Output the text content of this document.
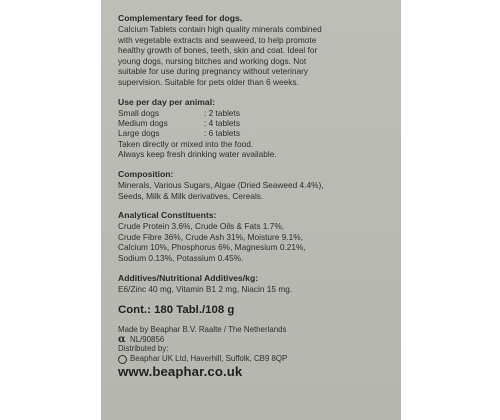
Complementary feed for dogs.

Calcium Tablets contain high quality minerals combined

with vegetable extracts and seaweed, to help promote

healthy growth of bones, teeth, skin and coat. Ideal for

young dogs, nursing bitches and working dogs. Not

suitable for use during pregnancy without veterinary

supervision. Suitable for pets older than 6 weeks.

Use per day per animal:

Small dogs	: 2 tablets
Medium dogs	: 4 tablets
Large dogs	: 6 tablets

Taken directly or mixed into the food.

Always keep fresh drinking water available.

Composition:

Minerals, Various Sugars, Algae (Dried Seaweed 4.4%),

Seeds, Milk & Milk derivatives, Cereals.

Analytical Constituents:

Crude Protein 3.6%, Crude Oils & Fats 1.7%,

Crude Fibre 36%, Crude Ash 31%, Moisture 9.1%,

Calcium 10%, Phosphorus 6%, Magnesium 0.21%,

Sodium 0.13%, Potassium 0.45%.

Additives/Nutritional Additives/kg:

E6/Zinc 40 mg, Vitamin B1 2 mg, Niacin 15 mg.

Cont.: 180 Tabl./108 g

Made by Beaphar B.V. Raalte / The Netherlands

α NL/90856

Distributed by:

Beaphar UK Ltd, Haverhill, Suffolk, CB9 8QP

www.beaphar.co.uk
